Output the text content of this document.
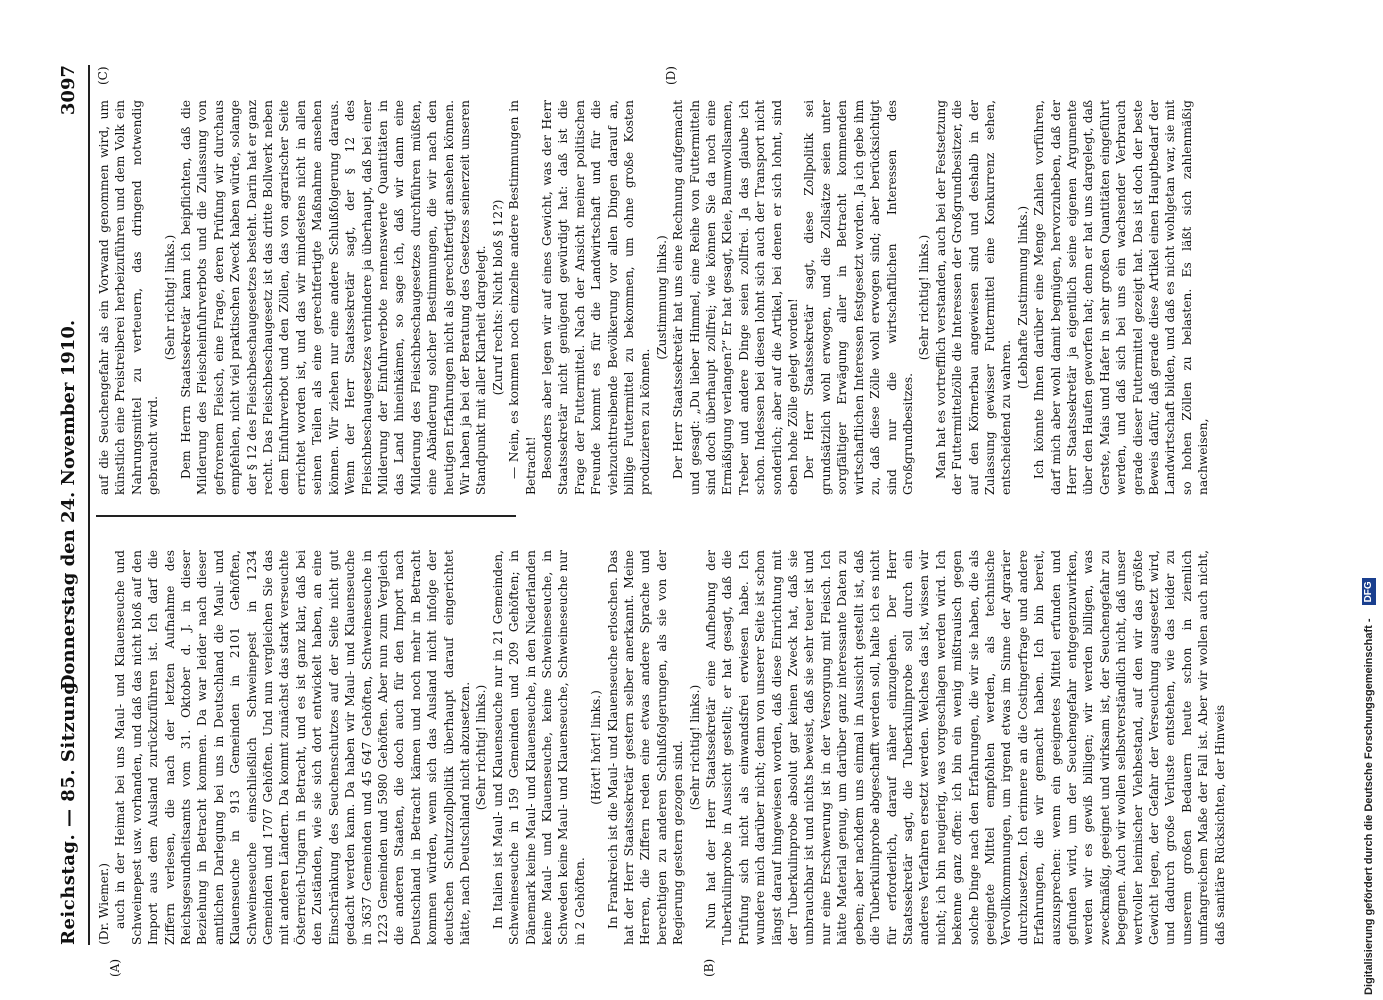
Reichstag. — 85. Sitzung.
Donnerstag den 24. November 1910.
3097
(A)	(B)
(C)	(D)

(Dr. Wiemer.) auch in der Heimat bei uns Maul- und Klauenseuche und Schweinepest usw. vorhanden, und daß das nicht bloß auf den Import aus dem Ausland zurückzuführen ist. Ich darf die Ziffern verlesen, die nach der letzten Aufnahme des Reichsgesundheitsamts vom 31. Oktober d. J. in dieser Beziehung in Betracht kommen. Da war leider nach dieser amtlichen Darlegung bei uns in Deutschland die Maul- und Klauenseuche in 913 Gemeinden in 2101 Gehöften, Schweineseuche einschließlich Schweinepest in 1234 Gemeinden und 1707 Gehöften. Und nun vergleichen Sie das mit anderen Ländern. Da kommt zunächst das stark verseuchte Österreich-Ungarn in Betracht, und es ist ganz klar, daß bei den Zuständen, wie sie sich dort entwickelt haben, an eine Einschränkung des Seuchenschutzes auf der Seite nicht gut gedacht werden kann. Da haben wir Maul- und Klauenseuche in 3637 Gemeinden und 45 647 Gehöften, Schweineseuche in 1223 Gemeinden und 5980 Gehöften. Aber nun zum Vergleich die anderen Staaten, die doch auch für den Import nach Deutschland in Betracht kämen und noch mehr in Betracht kommen würden, wenn sich das Ausland nicht infolge der deutschen Schutzzollpolitik überhaupt darauf eingerichtet hätte, nach Deutschland nicht abzusetzen. (Sehr richtig! links.) In Italien ist Maul- und Klauenseuche nur in 21 Gemeinden, Schweineseuche in 159 Gemeinden und 209 Gehöften; in Dänemark keine Maul- und Klauenseuche, in den Niederlanden keine Maul- und Klauenseuche, keine Schweineseuche, in Schweden keine Maul- und Klauenseuche, Schweineseuche nur in 2 Gehöften.

(Hört! hört! links.) In Frankreich ist die Maul- und Klauenseuche erloschen. Das hat der Herr Staatssekretär gestern selber anerkannt. Meine Herren, die Ziffern reden eine etwas andere Sprache und berechtigen zu anderen Schlußfolgerungen, als sie von der Regierung gestern gezogen sind. (Sehr richtig! links.) Nun hat der Herr Staatssekretär eine Aufhebung der Tuberkulinprobe in Aussicht gestellt; er hat gesagt, daß die Prüfung sich nicht als einwandsfrei erwiesen habe. Ich wundere mich darüber nicht; denn von unserer Seite ist schon längst darauf hingewiesen worden, daß diese Einrichtung mit der Tuberkulinprobe absolut gar keinen Zweck hat, daß sie unbrauchbar ist und nichts beweist, daß sie sehr teuer ist und nur eine Erschwerung ist in der Versorgung mit Fleisch. Ich hätte Material genug, um darüber ganz interessante Daten zu geben; aber nachdem uns einmal in Aussicht gestellt ist, daß die Tuberkulinprobe abgeschafft werden soll, halte ich es nicht für erforderlich, darauf näher einzugehen. Der Herr Staatssekretär sagt, die Tuberkulinprobe soll durch ein anderes Verfahren ersetzt werden. Welches das ist, wissen wir nicht; ich bin neugierig, was vorgeschlagen werden wird. Ich bekenne ganz offen: ich bin ein wenig mißtrauisch gegen solche Dinge nach den Erfahrungen, die wir sie haben, die als geeignete Mittel empfohlen werden, als technische Vervollkommnungen, um irgend etwas im Sinne der Agrarier durchzusetzen. Ich erinnere an die Costingerfrage und andere Erfahrungen, die wir gemacht haben. Ich bin bereit, auszusprechen: wenn ein geeignetes Mittel erfunden und gefunden wird, um der Seuchengefahr entgegenzuwirken, werden wir es gewiß billigen; wir werden billigen, was zweckmäßig, geeignet und wirksam ist, der Seuchengefahr zu begegnen. Auch wir wollen selbstverständlich nicht, daß unser wertvoller heimischer Viehbestand, auf den wir das größte Gewicht legen, der Gefahr der Verseuchung ausgesetzt wird, und dadurch große Verluste entstehen, wie das leider zu unserem großen Bedauern heute schon in ziemlich umfangreichem Maße der Fall ist. Aber wir wollen auch nicht, daß sanitäre Rücksichten, der Hinweis

auf die Seuchengefahr als ein Vorwand genommen wird, um künstlich eine Preistreiberei herbeizuführen und dem Volk ein Nahrungsmittel zu verteuern, das dringend notwendig gebraucht wird.

(Sehr richtig! links.) Dem Herrn Staatssekretär kann ich beipflichten, daß die Milderung des Fleischeinfuhrverbots und die Zulassung von gefrorenem Fleisch, eine Frage, deren Prüfung wir durchaus empfehlen, nicht viel praktischen Zweck haben würde, solange der § 12 des Fleischbeschaugesetzes besteht. Darin hat er ganz recht. Das Fleischbeschaugesetz ist das dritte Bollwerk neben dem Einfuhrverbot und den Zöllen, das von agrarischer Seite errichtet worden ist, und das wir mindestens nicht in allen seinen Teilen als eine gerechtfertigte Maßnahme ansehen können. Wir ziehen nur eine andere Schlußfolgerung daraus. Wenn der Herr Staatssekretär sagt, der § 12 des Fleischbeschaugesetzes verhindere ja überhaupt, daß bei einer Milderung der Einfuhrverbote nennenswerte Quantitäten in das Land hineinkämen, so sage ich, daß wir dann eine Milderung des Fleischbeschaugesetzes durchführen müßten, eine Abänderung solcher Bestimmungen, die wir nach den heutigen Erfahrungen nicht als gerechtfertigt ansehen können. Wir haben ja bei der Beratung des Gesetzes seinerzeit unseren Standpunkt mit aller Klarheit dargelegt. (Zuruf rechts: Nicht bloß § 12?) — Nein, es kommen noch einzelne andere Bestimmungen in Betracht! Besonders aber legen wir auf eines Gewicht, was der Herr Staatssekretär nicht genügend gewürdigt hat: daß ist die Frage der Futtermittel. Nach der Ansicht meiner politischen Freunde kommt es für die Landwirtschaft und für die viehzuchttreibende Bevölkerung vor allen Dingen darauf an, billige Futtermittel zu bekommen, um ohne große Kosten produzieren zu können.

(Zustimmung links.) Der Herr Staatssekretär hat uns eine Rechnung aufgemacht und gesagt: „Du lieber Himmel, eine Reihe von Futtermitteln sind doch überhaupt zollfrei; wie können Sie da noch eine Ermäßigung verlangen?“ Er hat gesagt, Kleie, Baumwollsamen, Treber und andere Dinge seien zollfrei. Ja das glaube ich schon. Indessen bei diesen lohnt sich auch der Transport nicht sonderlich; aber auf die Artikel, bei denen er sich lohnt, sind eben hohe Zölle gelegt worden! Der Herr Staatssekretär sagt, diese Zollpolitik sei grundsätzlich wohl erwogen, und die Zollsätze seien unter sorgfältiger Erwägung aller in Betracht kommenden wirtschaftlichen Interessen festgesetzt worden. Ja ich gebe ihm zu, daß diese Zölle wohl erwogen sind; aber berücksichtigt sind nur die wirtschaftlichen Interessen des Großgrundbesitzes.

(Sehr richtig! links.) Man hat es vortrefflich verstanden, auch bei der Festsetzung der Futtermittelzölle die Interessen der Großgrundbesitzer, die auf den Körnerbau angewiesen sind und deshalb in der Zulassung gewisser Futtermittel eine Konkurrenz sehen, entscheidend zu wahren.

(Lebhafte Zustimmung links.) Ich könnte Ihnen darüber eine Menge Zahlen vorführen, darf mich aber wohl damit begnügen, hervorzuheben, daß der Herr Staatssekretär ja eigentlich seine eigenen Argumente über den Haufen geworfen hat; denn er hat uns dargelegt, daß Gerste, Mais und Hafer in sehr großen Quantitäten eingeführt werden, und daß sich bei uns ein wachsender Verbrauch gerade dieser Futtermittel gezeigt hat. Das ist doch der beste Beweis dafür, daß gerade diese Artikel einen Hauptbedarf der Landwirtschaft bilden, und daß es nicht wohlgetan war, sie mit so hohen Zöllen zu belasten. Es läßt sich zahlenmäßig nachweisen,

Digitalisierung gefördert durch die Deutsche Forschungsgemeinschaft - DFG
